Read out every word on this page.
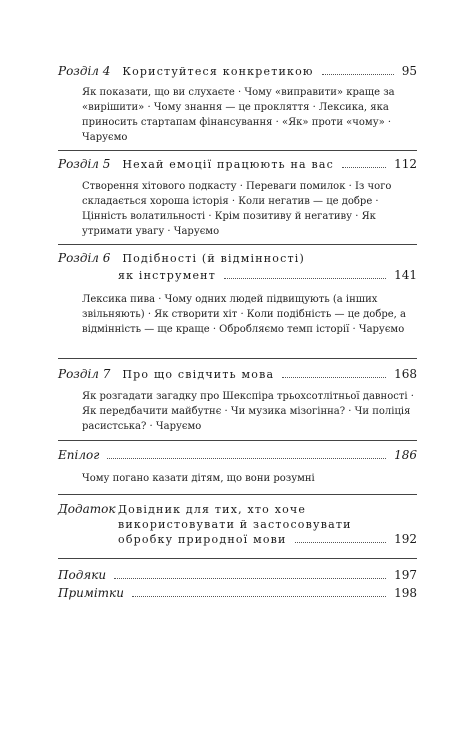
Розділ 4 Користуйтеся конкретикою	95
Як показати, що ви слухаєте · Чому «виправити» краще за «вирішити» · Чому знання — це прокляття · Лексика, яка приносить стартапам фінансування · «Як» проти «чому» · Чаруємо
Розділ 5 Нехай емоції працюють на вас	112
Створення хітового подкасту · Переваги помилок · Із чого складається хороша історія · Коли негатив — це добре · Цінність волатильності · Крім позитиву й негативу · Як утримати увагу · Чаруємо
Розділ 6 Подібності (й відмінності)
як інструмент	141
Лексика пива · Чому одних людей підвищують (а інших звільняють) · Як створити хіт · Коли подібність — це добре, а відмінність — ще краще · Обробляємо темп історії · Чаруємо
Розділ 7 Про що свідчить мова	168
Як розгадати загадку про Шекспіра трьохсотлітньої давності · Як передбачити майбутнє · Чи музика мізогінна? · Чи поліція расистська? · Чаруємо
Епілог	186
Чому погано казати дітям, що вони розумні
Додаток Довідник для тих, хто хоче
використовувати й застосовувати
обробку природної мови	192
Подяки	197
Примітки	198
